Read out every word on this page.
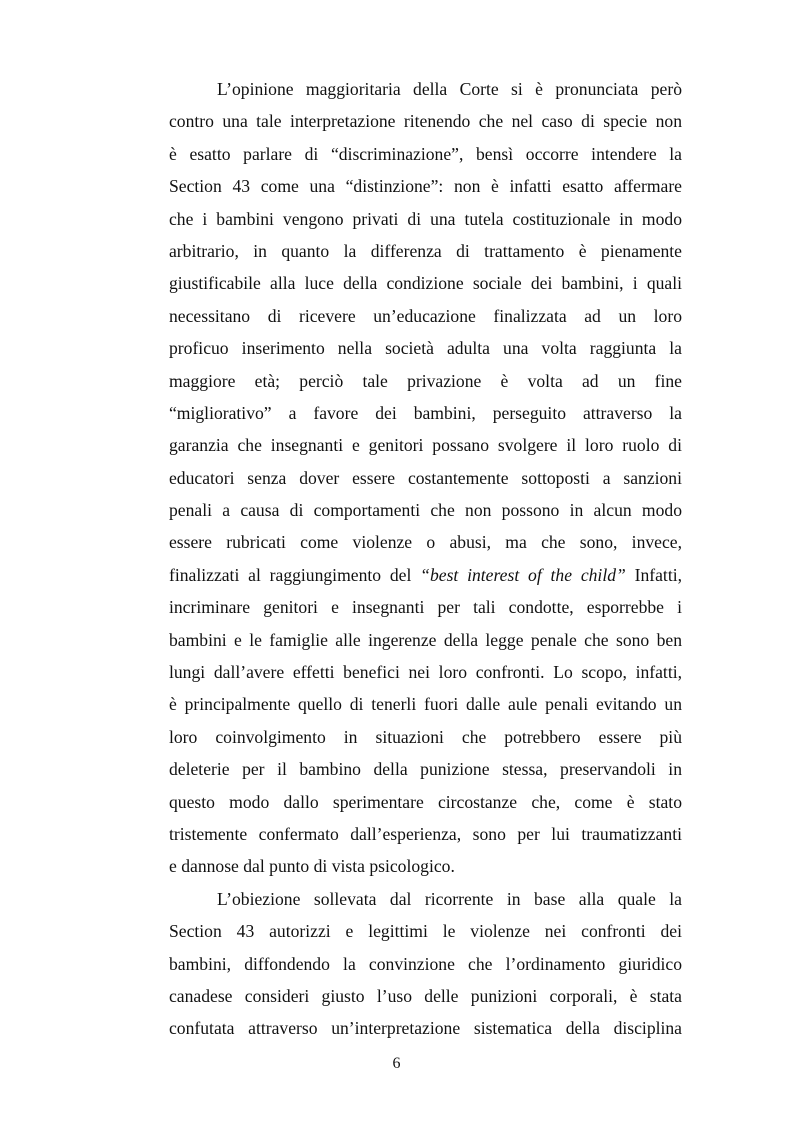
L’opinione maggioritaria della Corte si è pronunciata però
contro una tale interpretazione ritenendo che nel caso di specie non
è esatto parlare di “discriminazione”, bensì occorre intendere la
Section 43 come una “distinzione”: non è infatti esatto affermare
che i bambini vengono privati di una tutela costituzionale in modo
arbitrario, in quanto la differenza di trattamento è pienamente
giustificabile alla luce della condizione sociale dei bambini, i quali
necessitano di ricevere un’educazione finalizzata ad un loro
proficuo inserimento nella società adulta una volta raggiunta la
maggiore età; perciò tale privazione è volta ad un fine
“migliorativo” a favore dei bambini, perseguito attraverso la
garanzia che insegnanti e genitori possano svolgere il loro ruolo di
educatori senza dover essere costantemente sottoposti a sanzioni
penali a causa di comportamenti che non possono in alcun modo
essere rubricati come violenze o abusi, ma che sono, invece,
finalizzati al raggiungimento del “best interest of the child” Infatti,
incriminare genitori e insegnanti per tali condotte, esporrebbe i
bambini e le famiglie alle ingerenze della legge penale che sono ben
lungi dall’avere effetti benefici nei loro confronti. Lo scopo, infatti,
è principalmente quello di tenerli fuori dalle aule penali evitando un
loro coinvolgimento in situazioni che potrebbero essere più
deleterie per il bambino della punizione stessa, preservandoli in
questo modo dallo sperimentare circostanze che, come è stato
tristemente confermato dall’esperienza, sono per lui traumatizzanti
e dannose dal punto di vista psicologico.

L’obiezione sollevata dal ricorrente in base alla quale la
Section 43 autorizzi e legittimi le violenze nei confronti dei
bambini, diffondendo la convinzione che l’ordinamento giuridico
canadese consideri giusto l’uso delle punizioni corporali, è stata
confutata attraverso un’interpretazione sistematica della disciplina

6
